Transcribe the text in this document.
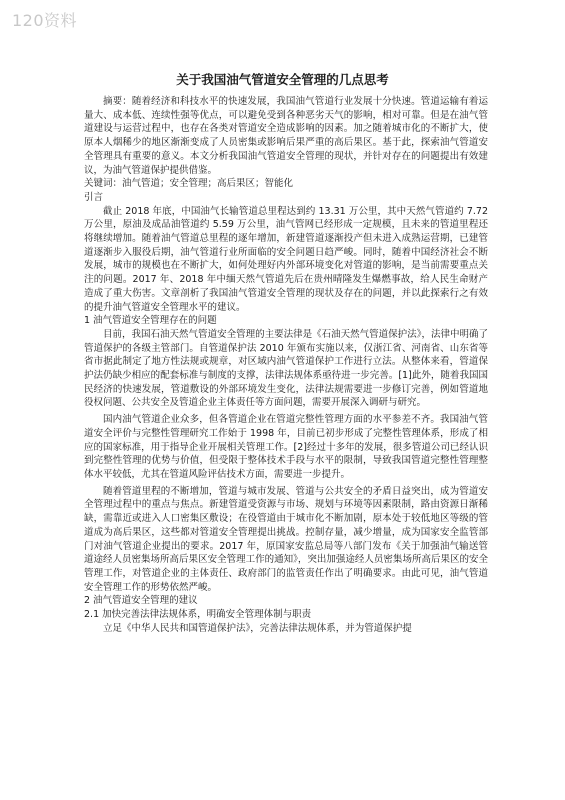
120资料
关于我国油气管道安全管理的几点思考

摘要：随着经济和科技水平的快速发展，我国油气管道行业发展十分快速。管道运输有着运量大、成本低、连续性强等优点，可以避免受到各种恶劣天气的影响，相对可靠。但是在油气管道建设与运营过程中，也存在各类对管道安全造成影响的因素。加之随着城市化的不断扩大，使原本人烟稀少的地区渐渐变成了人员密集或影响后果严重的高后果区。基于此，探索油气管道安全管理具有重要的意义。本文分析我国油气管道安全管理的现状，并针对存在的问题提出有效建议，为油气管道保护提供借鉴。

关键词：油气管道；安全管理；高后果区；智能化

引言

截止 2018 年底，中国油气长输管道总里程达到约 13.31 万公里，其中天然气管道约 7.72 万公里，原油及成品油管道约 5.59 万公里，油气管网已经形成一定规模，且未来的管道里程还将继续增加。随着油气管道总里程的逐年增加，新建管道逐渐投产但未进入成熟运营期，已建管道逐渐步入服役后期，油气管道行业所面临的安全问题日趋严峻。同时，随着中国经济社会不断发展，城市的规模也在不断扩大，如何处理好内外部环境变化对管道的影响，是当前需要重点关注的问题。2017 年、2018 年中缅天然气管道先后在贵州晴隆发生爆燃事故，给人民生命财产造成了重大伤害。文章剖析了我国油气管道安全管理的现状及存在的问题，并以此探索行之有效的提升油气管道安全管理水平的建议。

1 油气管道安全管理存在的问题

目前，我国石油天然气管道安全管理的主要法律是《石油天然气管道保护法》，法律中明确了管道保护的各级主管部门。自管道保护法 2010 年颁布实施以来，仅浙江省、河南省、山东省等省市据此制定了地方性法规或规章，对区域内油气管道保护工作进行立法。从整体来看，管道保护法仍缺少相应的配套标准与制度的支撑，法律法规体系亟待进一步完善。[1]此外，随着我国国民经济的快速发展，管道敷设的外部环境发生变化，法律法规需要进一步修订完善，例如管道地役权问题、公共安全及管道企业主体责任等方面问题，需要开展深入调研与研究。

国内油气管道企业众多，但各管道企业在管道完整性管理方面的水平参差不齐。我国油气管道安全评价与完整性管理研究工作始于 1998 年，目前已初步形成了完整性管理体系，形成了相应的国家标准，用于指导企业开展相关管理工作。[2]经过十多年的发展，很多管道公司已经认识到完整性管理的优势与价值，但受限于整体技术手段与水平的限制，导致我国管道完整性管理整体水平较低，尤其在管道风险评估技术方面，需要进一步提升。

随着管道里程的不断增加，管道与城市发展、管道与公共安全的矛盾日益突出，成为管道安全管理过程中的重点与焦点。新建管道受资源与市场、规划与环境等因素限制，路由资源日渐稀缺，需靠近或进入人口密集区敷设；在役管道由于城市化不断加剧，原本处于较低地区等级的管道成为高后果区，这些都对管道安全管理提出挑战。控制存量，减少增量，成为国家安全监管部门对油气管道企业提出的要求。2017 年，原国家安监总局等八部门发布《关于加强油气输送管道途经人员密集场所高后果区安全管理工作的通知》，突出加强途经人员密集场所高后果区的安全管理工作，对管道企业的主体责任、政府部门的监管责任作出了明确要求。由此可见，油气管道安全管理工作的形势依然严峻。

2 油气管道安全管理的建议

2.1 加快完善法律法规体系，明确安全管理体制与职责

立足《中华人民共和国管道保护法》，完善法律法规体系，并为管道保护提
